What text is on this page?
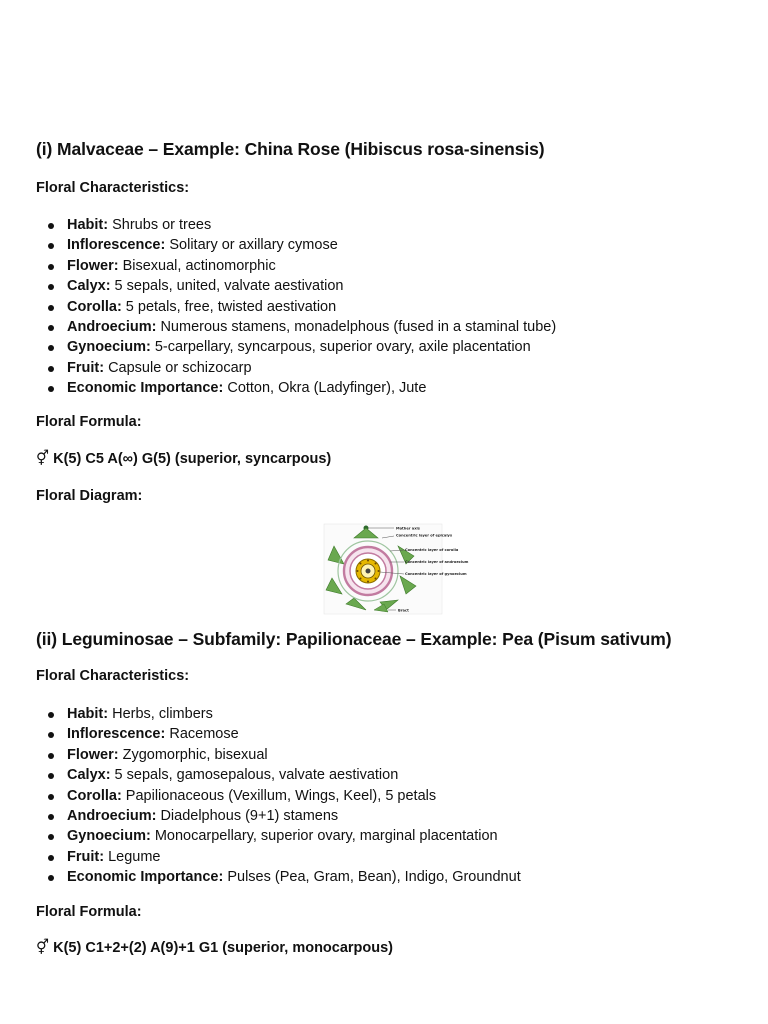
(i) Malvaceae – Example: China Rose (Hibiscus rosa-sinensis)

Floral Characteristics:

Habit: Shrubs or trees
Inflorescence: Solitary or axillary cymose
Flower: Bisexual, actinomorphic
Calyx: 5 sepals, united, valvate aestivation
Corolla: 5 petals, free, twisted aestivation
Androecium: Numerous stamens, monadelphous (fused in a staminal tube)
Gynoecium: 5-carpellary, syncarpous, superior ovary, axile placentation
Fruit: Capsule or schizocarp
Economic Importance: Cotton, Okra (Ladyfinger), Jute

Floral Formula:

⚥ K(5) C5 A(∞) G(5) (superior, syncarpous)

Floral Diagram:

Mother axis
Concentric layer of epicalyx
Concentric layer of corolla
Concentric layer of androecium
Concentric layer of gynoecium
Bract
(ii) Leguminosae – Subfamily: Papilionaceae – Example: Pea (Pisum sativum)

Floral Characteristics:

Habit: Herbs, climbers
Inflorescence: Racemose
Flower: Zygomorphic, bisexual
Calyx: 5 sepals, gamosepalous, valvate aestivation
Corolla: Papilionaceous (Vexillum, Wings, Keel), 5 petals
Androecium: Diadelphous (9+1) stamens
Gynoecium: Monocarpellary, superior ovary, marginal placentation
Fruit: Legume
Economic Importance: Pulses (Pea, Gram, Bean), Indigo, Groundnut

Floral Formula:

⚥ K(5) C1+2+(2) A(9)+1 G1 (superior, monocarpous)
